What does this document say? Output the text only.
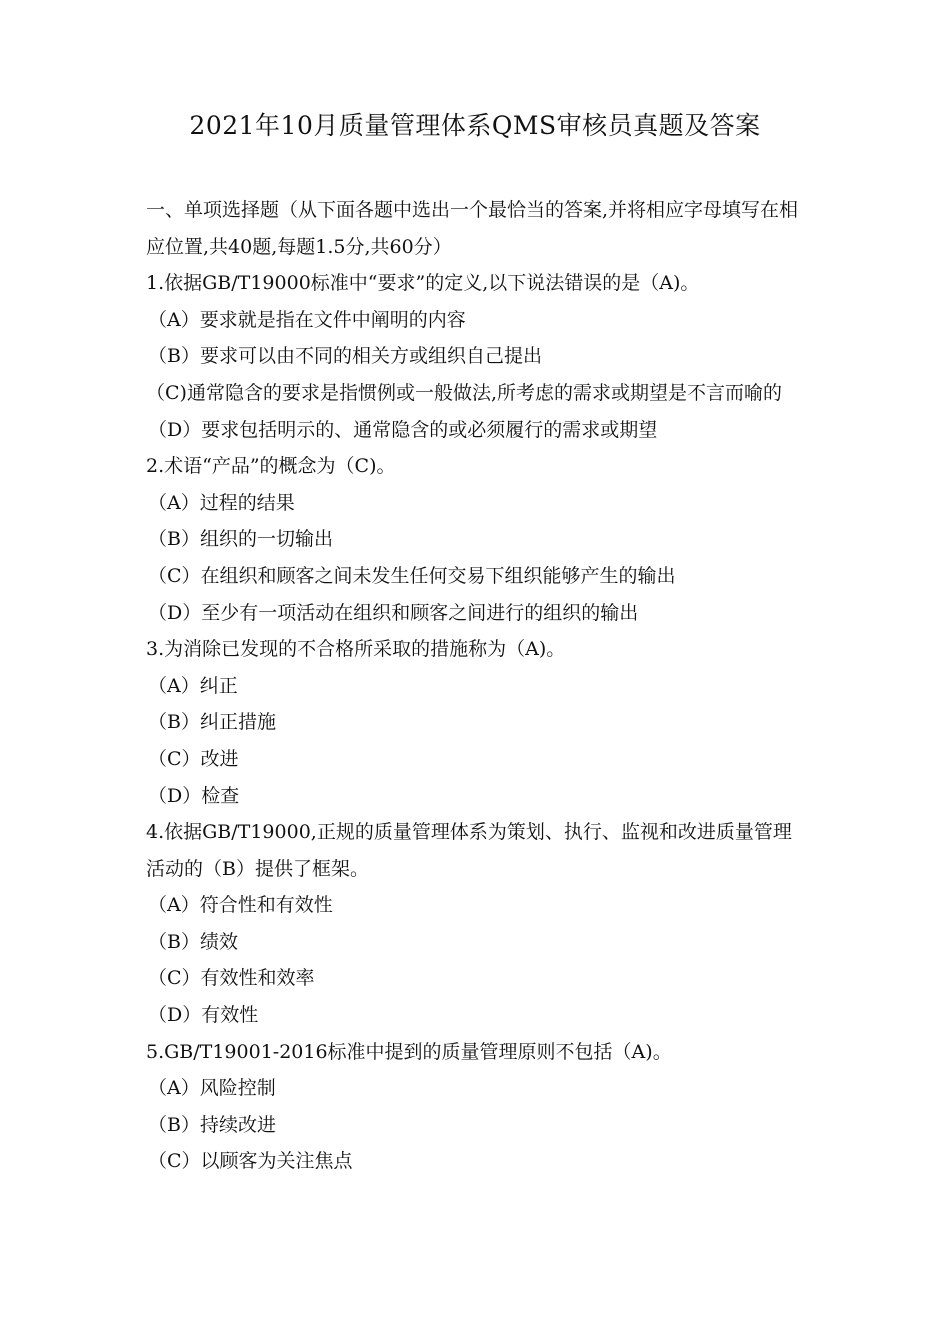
2021年10月质量管理体系QMS审核员真题及答案

一、单项选择题（从下面各题中选出一个最恰当的答案,并将相应字母填写在相应位置,共40题,每题1.5分,共60分）

1.依据GB/T19000标准中“要求”的定义,以下说法错误的是（A)。

（A）要求就是指在文件中阐明的内容

（B）要求可以由不同的相关方或组织自己提出

（C)通常隐含的要求是指惯例或一般做法,所考虑的需求或期望是不言而喻的

（D）要求包括明示的、通常隐含的或必须履行的需求或期望

2.术语“产品”的概念为（C)。

（A）过程的结果

（B）组织的一切输出

（C）在组织和顾客之间未发生任何交易下组织能够产生的输出

（D）至少有一项活动在组织和顾客之间进行的组织的输出

3.为消除已发现的不合格所采取的措施称为（A)。

（A）纠正

（B）纠正措施

（C）改进

（D）检查

4.依据GB/T19000,正规的质量管理体系为策划、执行、监视和改进质量管理活动的（B）提供了框架。

（A）符合性和有效性

（B）绩效

（C）有效性和效率

（D）有效性

5.GB/T19001-2016标准中提到的质量管理原则不包括（A)。

（A）风险控制

（B）持续改进

（C）以顾客为关注焦点
